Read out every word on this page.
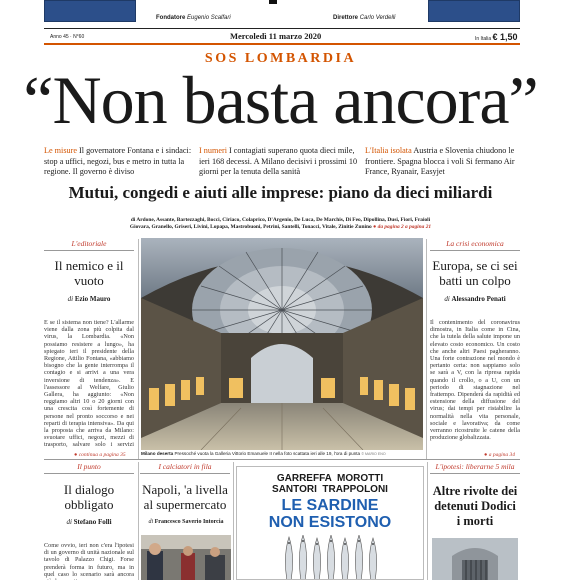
Fondatore Eugenio Scalfari	Direttore Carlo Verdelli
Anno 45 · N°60	Mercoledì 11 marzo 2020	In Italia € 1,50
SOS LOMBARDIA
“Non basta ancora”
Le misure Il governatore Fontana e i sindaci: stop a uffici, negozi, bus e metro in tutta la regione. Il governo è diviso
I numeri I contagiati superano quota dieci mile, ieri 168 decessi. A Milano decisivi i prossimi 10 giorni per la tenuta della sanità
L'Italia isolata Austria e Slovenia chiudono le frontiere. Spagna blocca i voli Si fermano Air France, Ryanair, Easyjet
Mutui, congedi e aiuti alle imprese: piano da dieci miliardi
di Ardone, Assante, Bartezzaghi, Bocci, Ciriaco, Colaprico, D'Argenio, De Luca, De Marchis, Di Feo, Dipollina, Dusi, Fiori, Fraioli
Giovara, Granello, Griseri, Livini, Lopapa, Mastrobuoni, Petrini, Santelli, Tonacci, Vitale, Zinitie Zunino ● da pagina 2 a pagina 21
L'editoriale
Il nemico e il vuoto
di Ezio Mauro
E se il sistema non tiene? L'allarme viene dalla zona più colpita dal virus, la Lombardia. «Non possiamo resistere a lungo», ha spiegato ieri il presidente della Regione, Attilio Fontana, «abbiamo bisogno che la gente interrompa il contagio e si arrivi a una vera inversione di tendenza». E l'assessore al Welfare, Giulio Gallera, ha aggiunto: «Non reggiamo altri 10 o 20 giorni con una crescita così fortemente di persone nel pronto soccorso e nei reparti di terapia intensiva». Da qui la proposta che arriva da Milano: svuotare uffici, negozi, mezzi di trasporto, salvare solo i servizi
● continua a pagina 35	Milano deserta Pressoché vuota la Galleria Vittorio Emanuele II nella foto scattata ieri alle 19, l'ora di punta © MARIO ENO
La crisi economica
Europa, se ci sei batti un colpo
di Alessandro Penati
Il contenimento del coronavirus dimostra, in Italia come in Cina, che la tutela della salute impone un elevato costo economico. Un costo che anche altri Paesi pagheranno. Una forte contrazione nel mondo è pertanto certa: non sappiamo solo se sarà a V, con la ripresa rapida quando il crollo, o a U, con un periodo di stagnazione nel frattempo. Dipenderà da rapidità ed estensione della diffusione del virus; dai tempi per ristabilire la normalità nella vita personale, sociale e lavorativa; da come verranno ricostruite le catene della produzione globalizzata.
● a pagina 34
Il punto
Il dialogo obbligato
di Stefano Folli
Come ovvio, ieri non c'era l'ipotesi di un governo di unità nazionale sul tavolo di Palazzo Chigi. Forse prenderà forma in futuro, ma in quel caso lo scenario sarà ancora
I calciatori in fila
Napoli, 'a livella al supermercato
di Francesco Saverio Intorcia
GARREFFA  MOROTTI
SANTORI  TRAPPOLONI
LE SARDINE
NON ESISTONO
L'ipotesi: liberarne 5 mila
Altre rivolte dei detenuti Dodici i morti
